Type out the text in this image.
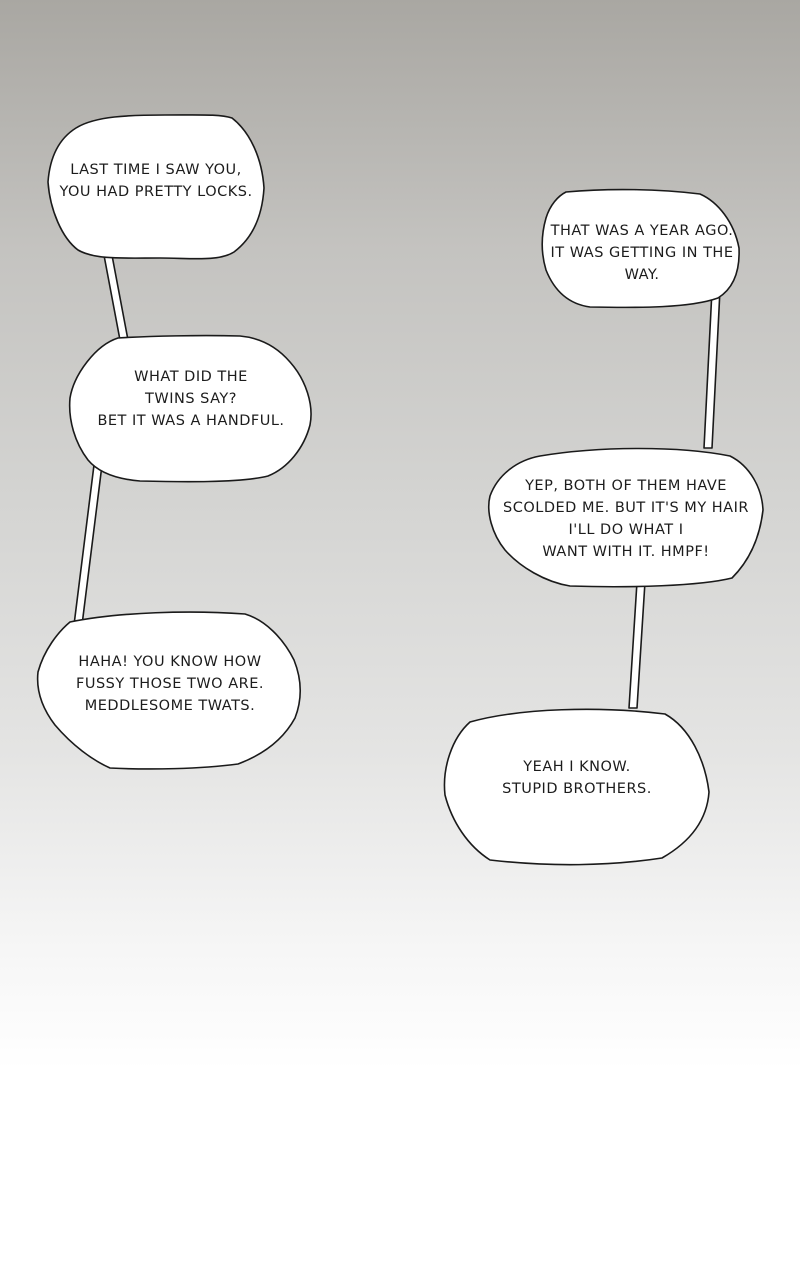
LAST TIME I SAW YOU,
YOU HAD PRETTY LOCKS.
WHAT DID THE
TWINS SAY?
BET IT WAS A HANDFUL.
HAHA! YOU KNOW HOW
FUSSY THOSE TWO ARE.
MEDDLESOME TWATS.
THAT WAS A YEAR AGO.
IT WAS GETTING IN THE
WAY.
YEP, BOTH OF THEM HAVE
SCOLDED ME. BUT IT'S MY HAIR
I'LL DO WHAT I
WANT WITH IT. HMPF!
YEAH I KNOW.
STUPID BROTHERS.
